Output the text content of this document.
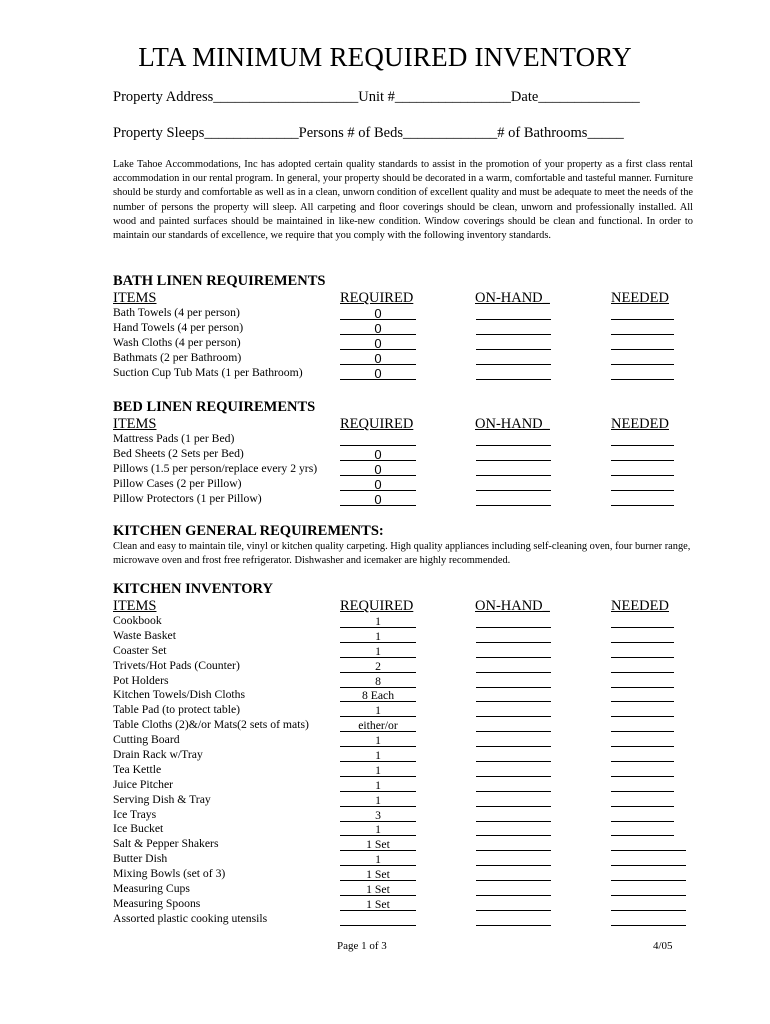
LTA MINIMUM REQUIRED INVENTORY
Property Address____________________Unit #________________Date______________
Property Sleeps_____________Persons # of Beds_____________# of Bathrooms_____
Lake Tahoe Accommodations, Inc has adopted certain quality standards to assist in the promotion of your property as a first class rental accommodation in our rental program. In general, your property should be decorated in a warm, comfortable and tasteful manner. Furniture should be sturdy and comfortable as well as in a clean, unworn condition of excellent quality and must be adequate to meet the needs of the number of persons the property will sleep. All carpeting and floor coverings should be clean, unworn and professionally installed. All wood and painted surfaces should be maintained in like-new condition. Window coverings should be clean and functional. In order to maintain our standards of excellence, we require that you comply with the following inventory standards.
BATH LINEN REQUIREMENTS
ITEMS	REQUIRED	ON-HAND_	NEEDED
Bath Towels (4 per person)	0
Hand Towels (4 per person)	0
Wash Cloths (4 per person)	0
Bathmats (2 per Bathroom)	0
Suction Cup Tub Mats (1 per Bathroom)	0
BED LINEN REQUIREMENTS
ITEMS	REQUIRED	ON-HAND_	NEEDED
Mattress Pads (1 per Bed)
Bed Sheets (2 Sets per Bed)	0
Pillows (1.5 per person/replace every 2 yrs)	0
Pillow Cases (2 per Pillow)	0
Pillow Protectors (1 per Pillow)	0
KITCHEN GENERAL REQUIREMENTS:
Clean and easy to maintain tile, vinyl or kitchen quality carpeting. High quality appliances including self-cleaning oven, four burner range, microwave oven and frost free refrigerator. Dishwasher and icemaker are highly recommended.
KITCHEN INVENTORY
ITEMS	REQUIRED	ON-HAND_	NEEDED
Cookbook	1
Waste Basket	1
Coaster Set	1
Trivets/Hot Pads (Counter)	2
Pot Holders	8
Kitchen Towels/Dish Cloths	8 Each
Table Pad (to protect table)	1
Table Cloths (2)&/or Mats(2 sets of mats)	either/or
Cutting Board	1
Drain Rack w/Tray	1
Tea Kettle	1
Juice Pitcher	1
Serving Dish & Tray	1
Ice Trays	3
Ice Bucket	1
Salt & Pepper Shakers	1 Set
Butter Dish	1
Mixing Bowls (set of 3)	1 Set
Measuring Cups	1 Set
Measuring Spoons	1 Set
Assorted plastic cooking utensils
Page 1 of 3	4/05
